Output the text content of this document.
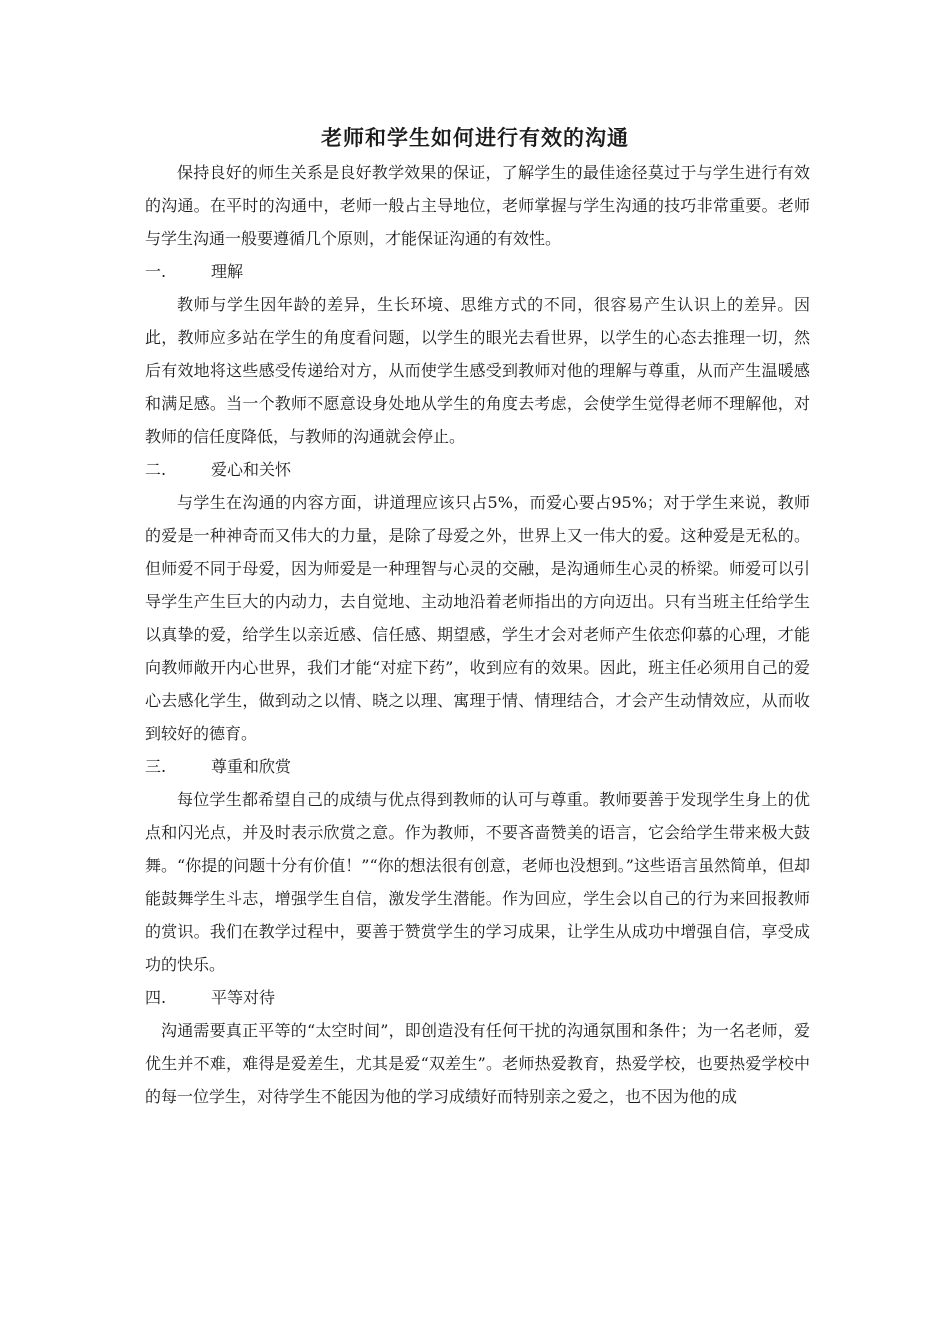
老师和学生如何进行有效的沟通

保持良好的师生关系是良好教学效果的保证，了解学生的最佳途径莫过于与学生进行有效的沟通。在平时的沟通中，老师一般占主导地位，老师掌握与学生沟通的技巧非常重要。老师与学生沟通一般要遵循几个原则，才能保证沟通的有效性。

一.	理解

教师与学生因年龄的差异，生长环境、思维方式的不同，很容易产生认识上的差异。因此，教师应多站在学生的角度看问题，以学生的眼光去看世界，以学生的心态去推理一切，然后有效地将这些感受传递给对方，从而使学生感受到教师对他的理解与尊重，从而产生温暖感和满足感。当一个教师不愿意设身处地从学生的角度去考虑，会使学生觉得老师不理解他，对教师的信任度降低，与教师的沟通就会停止。

二.	爱心和关怀

与学生在沟通的内容方面，讲道理应该只占5%，而爱心要占95%；对于学生来说，教师的爱是一种神奇而又伟大的力量，是除了母爱之外，世界上又一伟大的爱。这种爱是无私的。但师爱不同于母爱，因为师爱是一种理智与心灵的交融，是沟通师生心灵的桥梁。师爱可以引导学生产生巨大的内动力，去自觉地、主动地沿着老师指出的方向迈出。只有当班主任给学生以真挚的爱，给学生以亲近感、信任感、期望感，学生才会对老师产生依恋仰慕的心理，才能向教师敞开内心世界，我们才能“对症下药”，收到应有的效果。因此，班主任必须用自己的爱心去感化学生，做到动之以情、晓之以理、寓理于情、情理结合，才会产生动情效应，从而收到较好的德育。

三.	尊重和欣赏

每位学生都希望自己的成绩与优点得到教师的认可与尊重。教师要善于发现学生身上的优点和闪光点，并及时表示欣赏之意。作为教师，不要吝啬赞美的语言，它会给学生带来极大鼓舞。“你提的问题十分有价值！”“你的想法很有创意，老师也没想到。”这些语言虽然简单，但却能鼓舞学生斗志，增强学生自信，激发学生潜能。作为回应，学生会以自己的行为来回报教师的赏识。我们在教学过程中，要善于赞赏学生的学习成果，让学生从成功中增强自信，享受成功的快乐。

四.	平等对待

沟通需要真正平等的“太空时间”，即创造没有任何干扰的沟通氛围和条件；为一名老师，爱优生并不难，难得是爱差生，尤其是爱“双差生”。老师热爱教育，热爱学校，也要热爱学校中的每一位学生，对待学生不能因为他的学习成绩好而特别亲之爱之，也不因为他的成
